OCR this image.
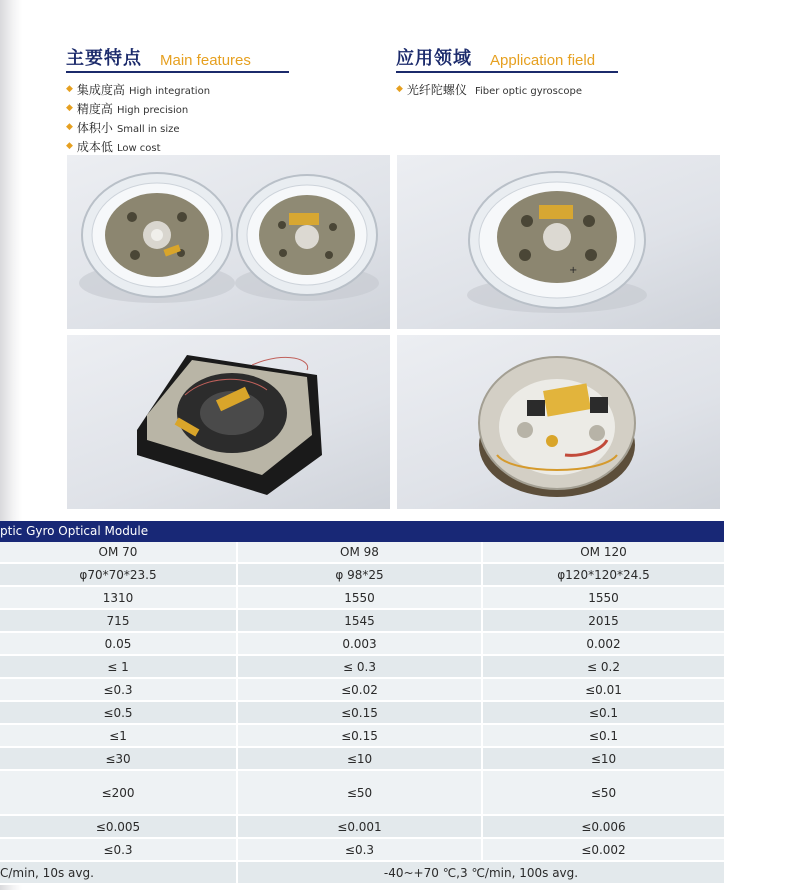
主要特点 Main features
◆ 集成度高 High integration
◆ 精度高 High precision
◆ 体积小 Small in size
◆ 成本低 Low cost
应用领域 Application field
◆ 光纤陀螺仪 Fiber optic gyroscope
+
ptic Gyro Optical Module
OM 70	OM 98	OM 120
φ70*70*23.5	φ 98*25	φ120*120*24.5
1310	1550	1550
715	1545	2015
0.05	0.003	0.002
≤ 1	≤ 0.3	≤ 0.2
≤0.3	≤0.02	≤0.01
≤0.5	≤0.15	≤0.1
≤1	≤0.15	≤0.1
≤30	≤10	≤10
≤200	≤50	≤50
≤0.005	≤0.001	≤0.006
≤0.3	≤0.3	≤0.002
C/min, 10s avg.	-40~+70 ℃,3 ℃/min, 100s avg.
